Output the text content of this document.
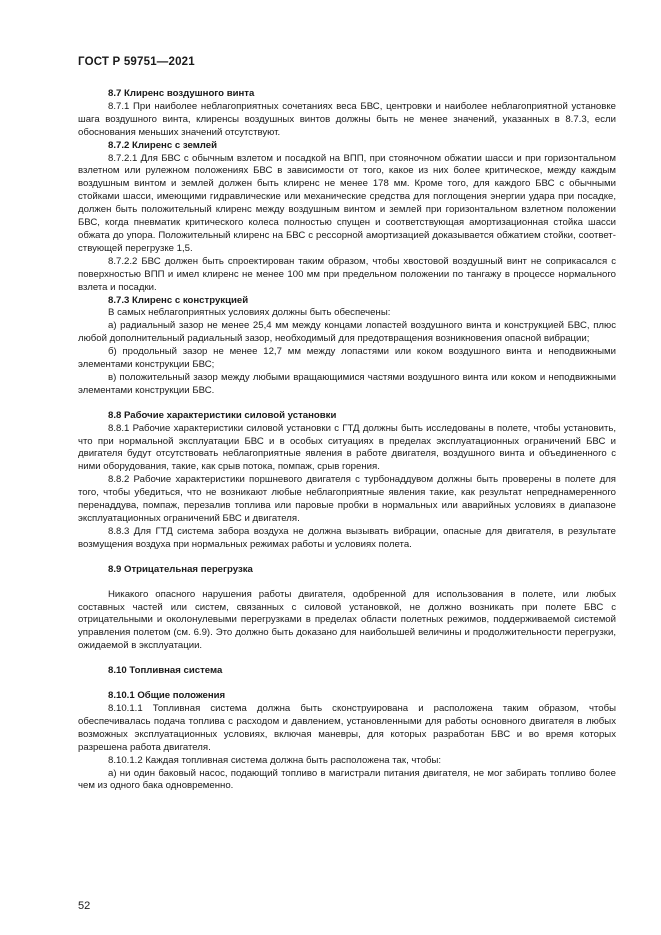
ГОСТ Р 59751—2021

8.7 Клиренс воздушного винта

8.7.1 При наиболее неблагоприятных сочетаниях веса БВС, центровки и наиболее неблагоприятной установке шага воздушного винта, клиренсы воздушных винтов должны быть не менее значений, указанных в 8.7.3, если обоснования меньших значений отсутствуют.

8.7.2 Клиренс с землей

8.7.2.1 Для БВС с обычным взлетом и посадкой на ВПП, при стояночном обжатии шасси и при горизонтальном взлетном или рулежном положениях БВС в зависимости от того, какое из них более критическое, между каждым воздушным винтом и землей должен быть клиренс не менее 178 мм. Кроме того, для каждого БВС с обычными стойками шасси, имеющими гидравлические или механические средства для поглощения энергии удара при посадке, должен быть положительный клиренс между воздушным винтом и землей при горизонтальном взлетном положении БВС, когда пневматик критического колеса полностью спущен и соответствующая амортизационная стойка шасси обжата до упора. Положительный клиренс на БВС с рессорной амортизацией доказывается обжатием стойки, соответствующей перегрузке 1,5.

8.7.2.2 БВС должен быть спроектирован таким образом, чтобы хвостовой воздушный винт не соприкасался с поверхностью ВПП и имел клиренс не менее 100 мм при предельном положении по тангажу в процессе нормального взлета и посадки.

8.7.3 Клиренс с конструкцией

В самых неблагоприятных условиях должны быть обеспечены:

а) радиальный зазор не менее 25,4 мм между концами лопастей воздушного винта и конструкцией БВС, плюс любой дополнительный радиальный зазор, необходимый для предотвращения возникновения опасной вибрации;

б) продольный зазор не менее 12,7 мм между лопастями или коком воздушного винта и неподвижными элементами конструкции БВС;

в) положительный зазор между любыми вращающимися частями воздушного винта или коком и неподвижными элементами конструкции БВС.

8.8 Рабочие характеристики силовой установки

8.8.1 Рабочие характеристики силовой установки с ГТД должны быть исследованы в полете, чтобы установить, что при нормальной эксплуатации БВС и в особых ситуациях в пределах эксплуатационных ограничений БВС и двигателя будут отсутствовать неблагоприятные явления в работе двигателя, воздушного винта и объединенного с ними оборудования, такие, как срыв потока, помпаж, срыв горения.

8.8.2 Рабочие характеристики поршневого двигателя с турбонаддувом должны быть проверены в полете для того, чтобы убедиться, что не возникают любые неблагоприятные явления такие, как результат непреднамеренного перенаддува, помпаж, перезалив топлива или паровые пробки в нормальных или аварийных условиях в диапазоне эксплуатационных ограничений БВС и двигателя.

8.8.3 Для ГТД система забора воздуха не должна вызывать вибрации, опасные для двигателя, в результате возмущения воздуха при нормальных режимах работы и условиях полета.

8.9 Отрицательная перегрузка

Никакого опасного нарушения работы двигателя, одобренной для использования в полете, или любых составных частей или систем, связанных с силовой установкой, не должно возникать при полете БВС с отрицательными и околонулевыми перегрузками в пределах области полетных режимов, поддерживаемой системой управления полетом (см. 6.9). Это должно быть доказано для наибольшей величины и продолжительности перегрузки, ожидаемой в эксплуатации.

8.10 Топливная система

8.10.1 Общие положения

8.10.1.1 Топливная система должна быть сконструирована и расположена таким образом, чтобы обеспечивалась подача топлива с расходом и давлением, установленными для работы основного двигателя в любых возможных эксплуатационных условиях, включая маневры, для которых разработан БВС и во время которых разрешена работа двигателя.

8.10.1.2 Каждая топливная система должна быть расположена так, чтобы:

а) ни один баковый насос, подающий топливо в магистрали питания двигателя, не мог забирать топливо более чем из одного бака одновременно.

52
